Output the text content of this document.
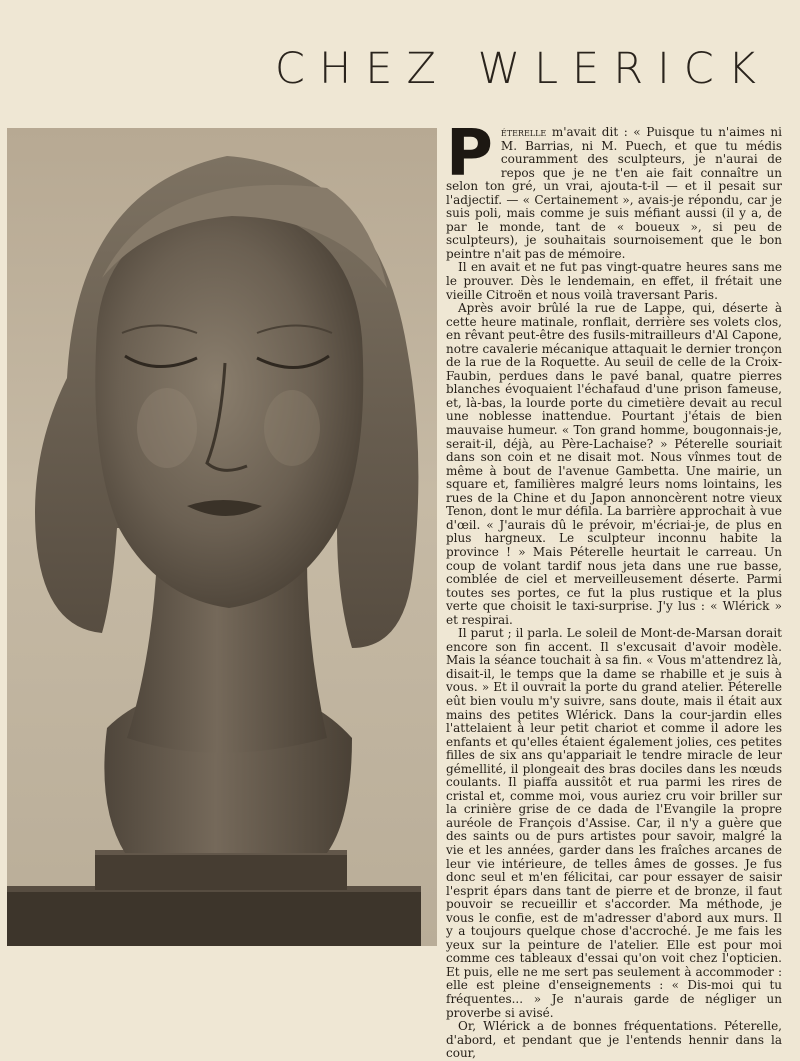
CHEZ WLERICK

Péterelle m'avait dit : « Puisque tu n'aimes ni M. Barrias, ni M. Puech, et que tu médis couramment des sculpteurs, je n'aurai de repos que je ne t'en aie fait connaître un selon ton gré, un vrai, ajouta-t-il — et il pesait sur l'adjectif. — « Certainement », avais-je répondu, car je suis poli, mais comme je suis méfiant aussi (il y a, de par le monde, tant de « boueux », si peu de sculpteurs), je souhaitais sournoisement que le bon peintre n'ait pas de mémoire.

Il en avait et ne fut pas vingt-quatre heures sans me le prouver. Dès le lendemain, en effet, il frétait une vieille Citroën et nous voilà traversant Paris.

Après avoir brûlé la rue de Lappe, qui, déserte à cette heure matinale, ronflait, derrière ses volets clos, en rêvant peut-être des fusils-mitrailleurs d'Al Capone, notre cavalerie mécanique attaquait le dernier tronçon de la rue de la Roquette. Au seuil de celle de la Croix-Faubin, perdues dans le pavé banal, quatre pierres blanches évoquaient l'échafaud d'une prison fameuse, et, là-bas, la lourde porte du cimetière devait au recul une noblesse inattendue. Pourtant j'étais de bien mauvaise humeur. « Ton grand homme, bougonnais-je, serait-il, déjà, au Père-Lachaise? » Péterelle souriait dans son coin et ne disait mot. Nous vînmes tout de même à bout de l'avenue Gambetta. Une mairie, un square et, familières malgré leurs noms lointains, les rues de la Chine et du Japon annoncèrent notre vieux Tenon, dont le mur défila. La barrière approchait à vue d'œil. « J'aurais dû le prévoir, m'écriai-je, de plus en plus hargneux. Le sculpteur inconnu habite la province ! » Mais Péterelle heurtait le carreau. Un coup de volant tardif nous jeta dans une rue basse, comblée de ciel et merveilleusement déserte. Parmi toutes ses portes, ce fut la plus rustique et la plus verte que choisit le taxi-surprise. J'y lus : « Wlérick » et respirai.

Il parut ; il parla. Le soleil de Mont-de-Marsan dorait encore son fin accent. Il s'excusait d'avoir modèle. Mais la séance touchait à sa fin. « Vous m'attendrez là, disait-il, le temps que la dame se rhabille et je suis à vous. » Et il ouvrait la porte du grand atelier. Péterelle eût bien voulu m'y suivre, sans doute, mais il était aux mains des petites Wlérick. Dans la cour-jardin elles l'attelaient à leur petit chariot et comme il adore les enfants et qu'elles étaient également jolies, ces petites filles de six ans qu'appariait le tendre miracle de leur gémellité, il plongeait des bras dociles dans les nœuds coulants. Il piaffa aussitôt et rua parmi les rires de cristal et, comme moi, vous auriez cru voir briller sur la crinière grise de ce dada de l'Evangile la propre auréole de François d'Assise. Car, il n'y a guère que des saints ou de purs artistes pour savoir, malgré la vie et les années, garder dans les fraîches arcanes de leur vie intérieure, de telles âmes de gosses. Je fus donc seul et m'en félicitai, car pour essayer de saisir l'esprit épars dans tant de pierre et de bronze, il faut pouvoir se recueillir et s'accorder. Ma méthode, je vous le confie, est de m'adresser d'abord aux murs. Il y a toujours quelque chose d'accroché. Je me fais les yeux sur la peinture de l'atelier. Elle est pour moi comme ces tableaux d'essai qu'on voit chez l'opticien. Et puis, elle ne me sert pas seulement à accommoder : elle est pleine d'enseignements : « Dis-moi qui tu fréquentes... » Je n'aurais garde de négliger un proverbe si avisé.

Or, Wlérick a de bonnes fréquentations. Péterelle, d'abord, et pendant que je l'entends hennir dans la cour,
